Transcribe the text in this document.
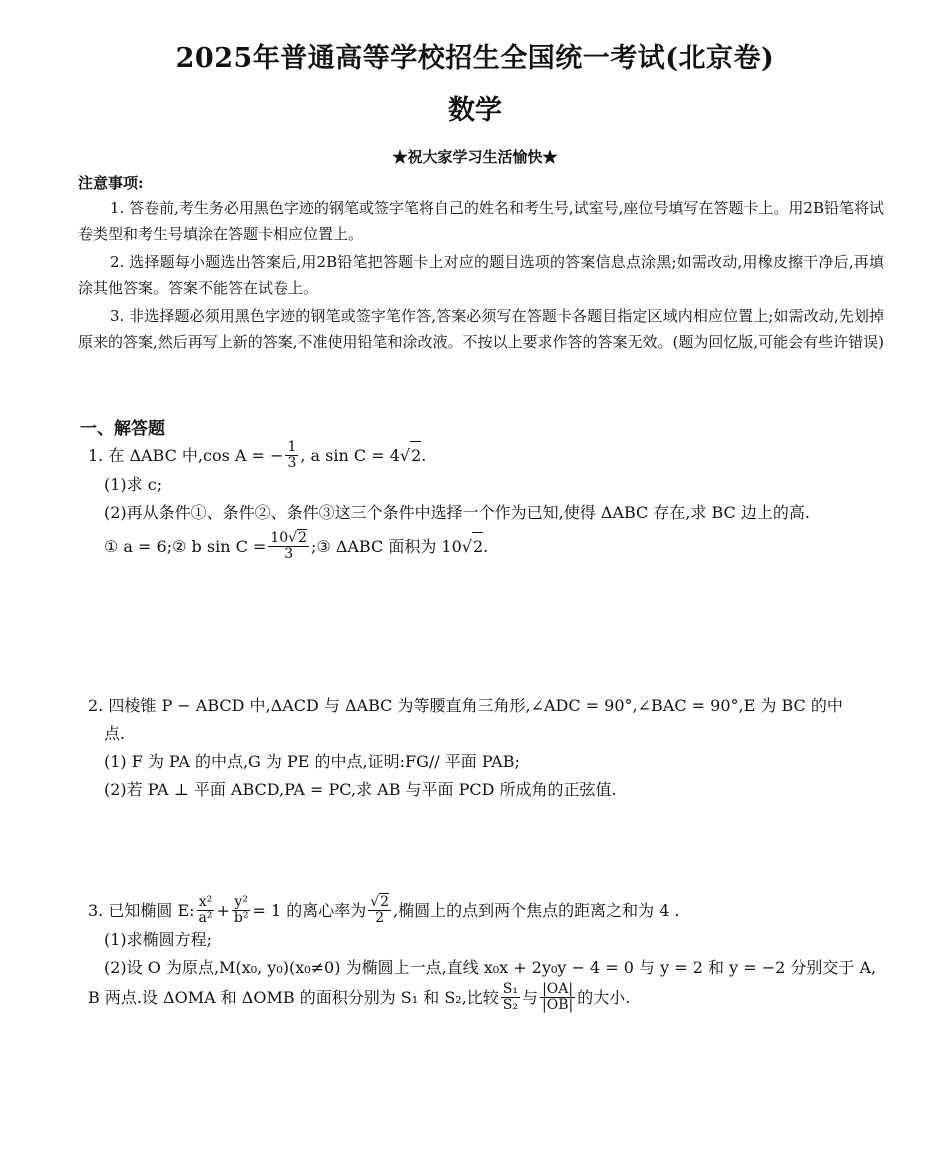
2025年普通高等学校招生全国统一考试(北京卷)
数学
★祝大家学习生活愉快★
注意事项:
1. 答卷前,考生务必用黑色字迹的钢笔或签字笔将自己的姓名和考生号,试室号,座位号填写在答题卡上。用2B铅笔将试卷类型和考生号填涂在答题卡相应位置上。
2. 选择题每小题选出答案后,用2B铅笔把答题卡上对应的题目选项的答案信息点涂黑;如需改动,用橡皮擦干净后,再填涂其他答案。答案不能答在试卷上。
3. 非选择题必须用黑色字迹的钢笔或签字笔作答,答案必须写在答题卡各题目指定区域内相应位置上;如需改动,先划掉原来的答案,然后再写上新的答案,不准使用铅笔和涂改液。不按以上要求作答的答案无效。(题为回忆版,可能会有些许错误)
一、解答题
1. 在 ΔABC 中,cos A = − $\frac{1}{3}$ , a sin C = 4 √ 2 .
(1)求 c;
(2)再从条件①、条件②、条件③这三个条件中选择一个作为已知,使得 ΔABC 存在,求 BC 边上的高.
① a = 6;② b $\sin C = \frac{10√2}{3}$ ;③ ΔABC 面积为 10 √ 2 .
2. 四棱锥 P − ABCD 中,ΔACD 与 ΔABC 为等腰直角三角形,∠ADC = 90°,∠BAC = 90°,E 为 BC 的中
点.
(1) F 为 PA 的中点,G 为 PE 的中点,证明:FG// 平面 PAB;
(2)若 PA ⊥ 平面 ABCD,PA = PC,求 AB 与平面 PCD 所成角的正弦值.
3. 已知椭圆 E: $\frac{\text{x²}}{\text{a²}} + \frac{\text{y²}}{\text{b²}} = 1$ 的离心率为 $\frac{√2}{2}$ ,椭圆上的点到两个焦点的距离之和为 4 .
(1)求椭圆方程;
(2)设 O 为原点,M(x₀, y₀)(x₀≠0) 为椭圆上一点,直线 x₀x + 2y₀y − 4 = 0 与 y = 2 和 y = −2 分别交于 A,
B 两点.设 ΔOMA 和 ΔOMB 的面积分别为 S₁ 和 S₂,比较 $\frac{\text{S₁}}{\text{S₂}}$ 与 $\frac{|OA|}{|OB|}$ 的大小.
